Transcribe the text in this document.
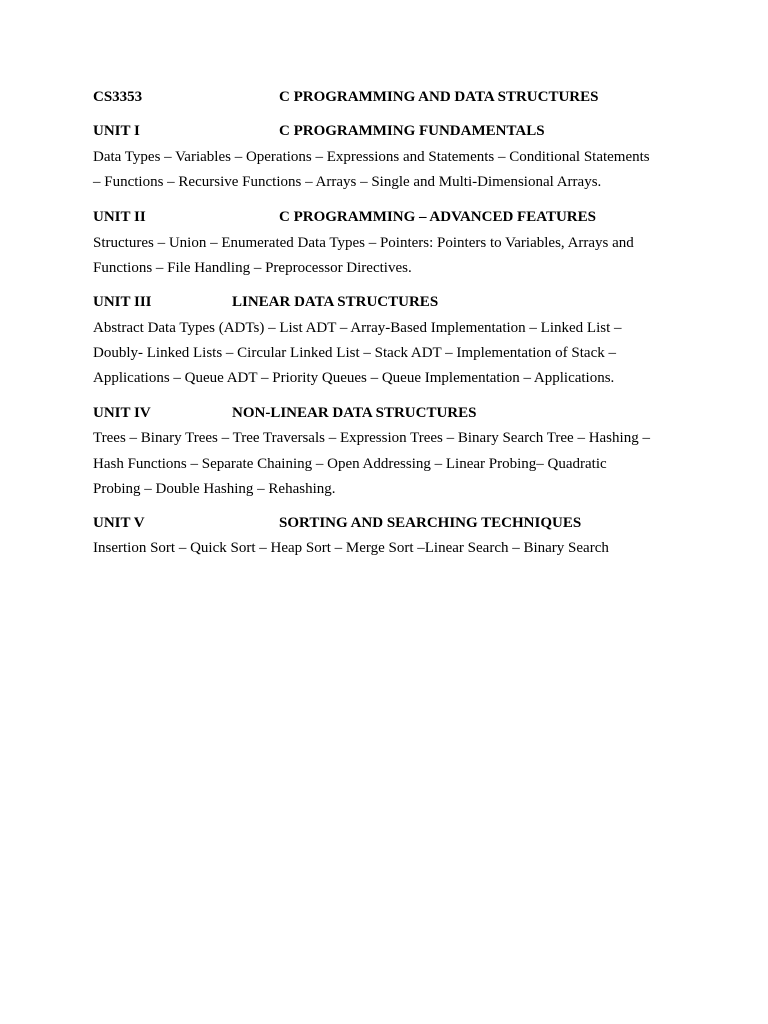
CS3353	C PROGRAMMING AND DATA STRUCTURES
UNIT I	C PROGRAMMING FUNDAMENTALS
Data Types – Variables – Operations – Expressions and Statements – Conditional Statements
– Functions – Recursive Functions – Arrays – Single and Multi-Dimensional Arrays.
UNIT II	C PROGRAMMING – ADVANCED FEATURES
Structures – Union – Enumerated Data Types – Pointers: Pointers to Variables, Arrays and
Functions – File Handling – Preprocessor Directives.
UNIT III	LINEAR DATA STRUCTURES
Abstract Data Types (ADTs) – List ADT – Array-Based Implementation – Linked List –
Doubly- Linked Lists – Circular Linked List – Stack ADT – Implementation of Stack –
Applications – Queue ADT – Priority Queues – Queue Implementation – Applications.
UNIT IV	NON-LINEAR DATA STRUCTURES
Trees – Binary Trees – Tree Traversals – Expression Trees – Binary Search Tree – Hashing –
Hash Functions – Separate Chaining – Open Addressing – Linear Probing– Quadratic
Probing – Double Hashing – Rehashing.
UNIT V	SORTING AND SEARCHING TECHNIQUES
Insertion Sort – Quick Sort – Heap Sort – Merge Sort –Linear Search – Binary Search
